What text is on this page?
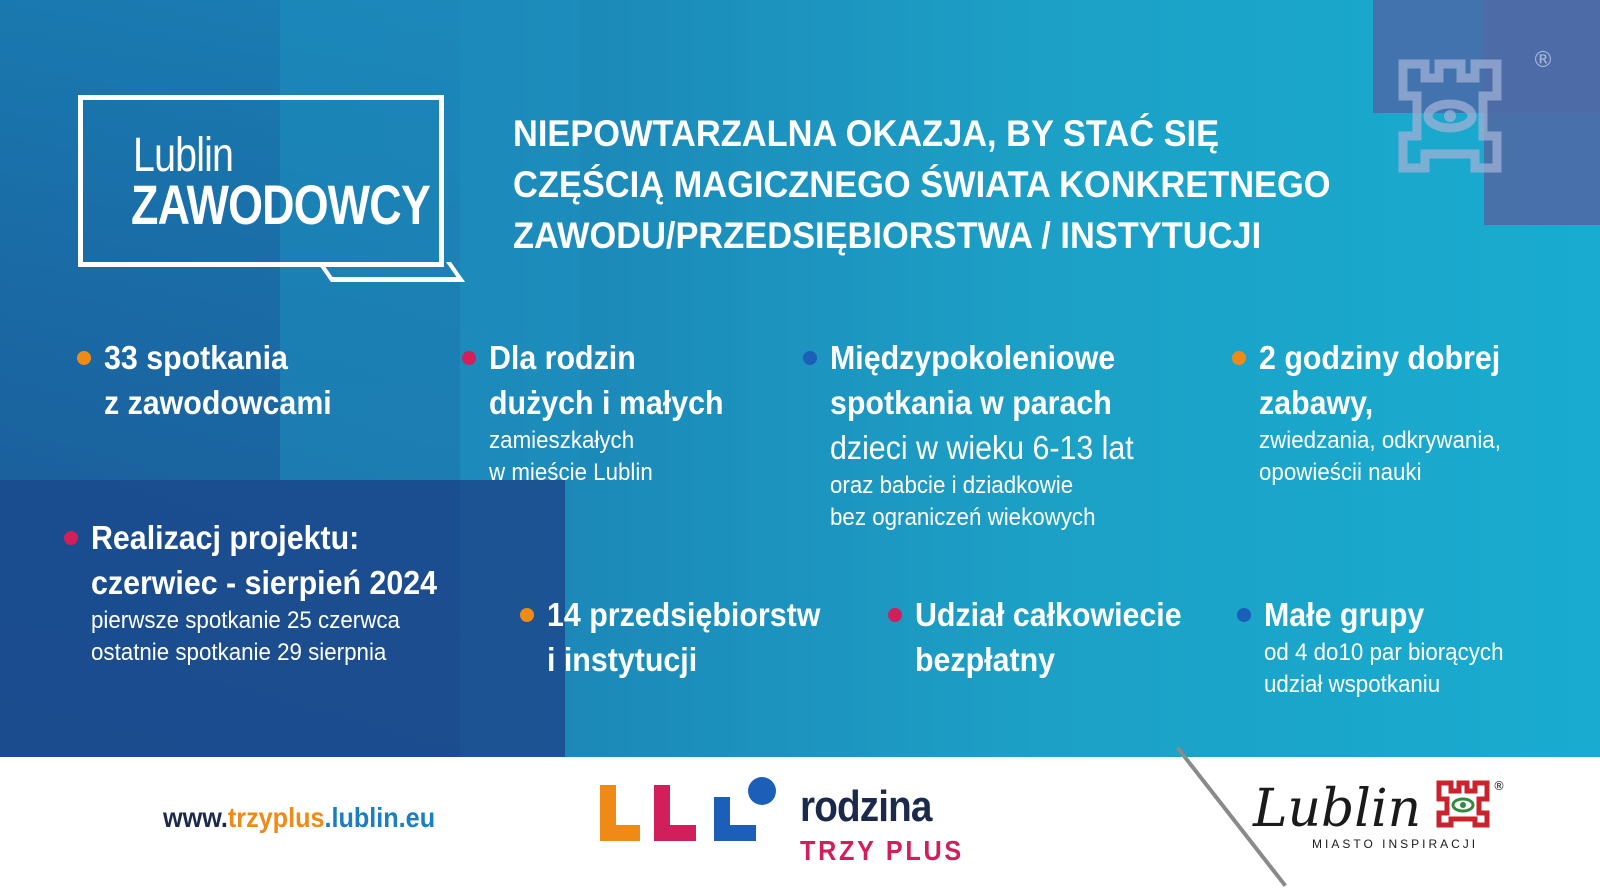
Lublin
ZAWODOWCY
NIEPOWTARZALNA OKAZJA, BY STAĆ SIĘ
CZĘŚCIĄ MAGICZNEGO ŚWIATA KONKRETNEGO
ZAWODU/PRZEDSIĘBIORSTWA / INSTYTUCJI
®
33 spotkania
z zawodowcami
Dla rodzin
dużych i małych
zamieszkałych
w mieście Lublin
Międzypokoleniowe
spotkania w parach
dzieci w wieku 6-13 lat
oraz babcie i dziadkowie
bez ograniczeń wiekowych
2 godziny dobrej
zabawy,
zwiedzania, odkrywania,
opowieścii nauki
Realizacj projektu:
czerwiec - sierpień 2024
pierwsze spotkanie 25 czerwca
ostatnie spotkanie 29 sierpnia
14 przedsiębiorstw
i instytucji
Udział całkowiecie
bezpłatny
Małe grupy
od 4 do10 par biorących
udział wspotkaniu
www.trzyplus.lublin.eu	rodzina
TRZY PLUS
Lublin	®
MIASTO INSPIRACJI
